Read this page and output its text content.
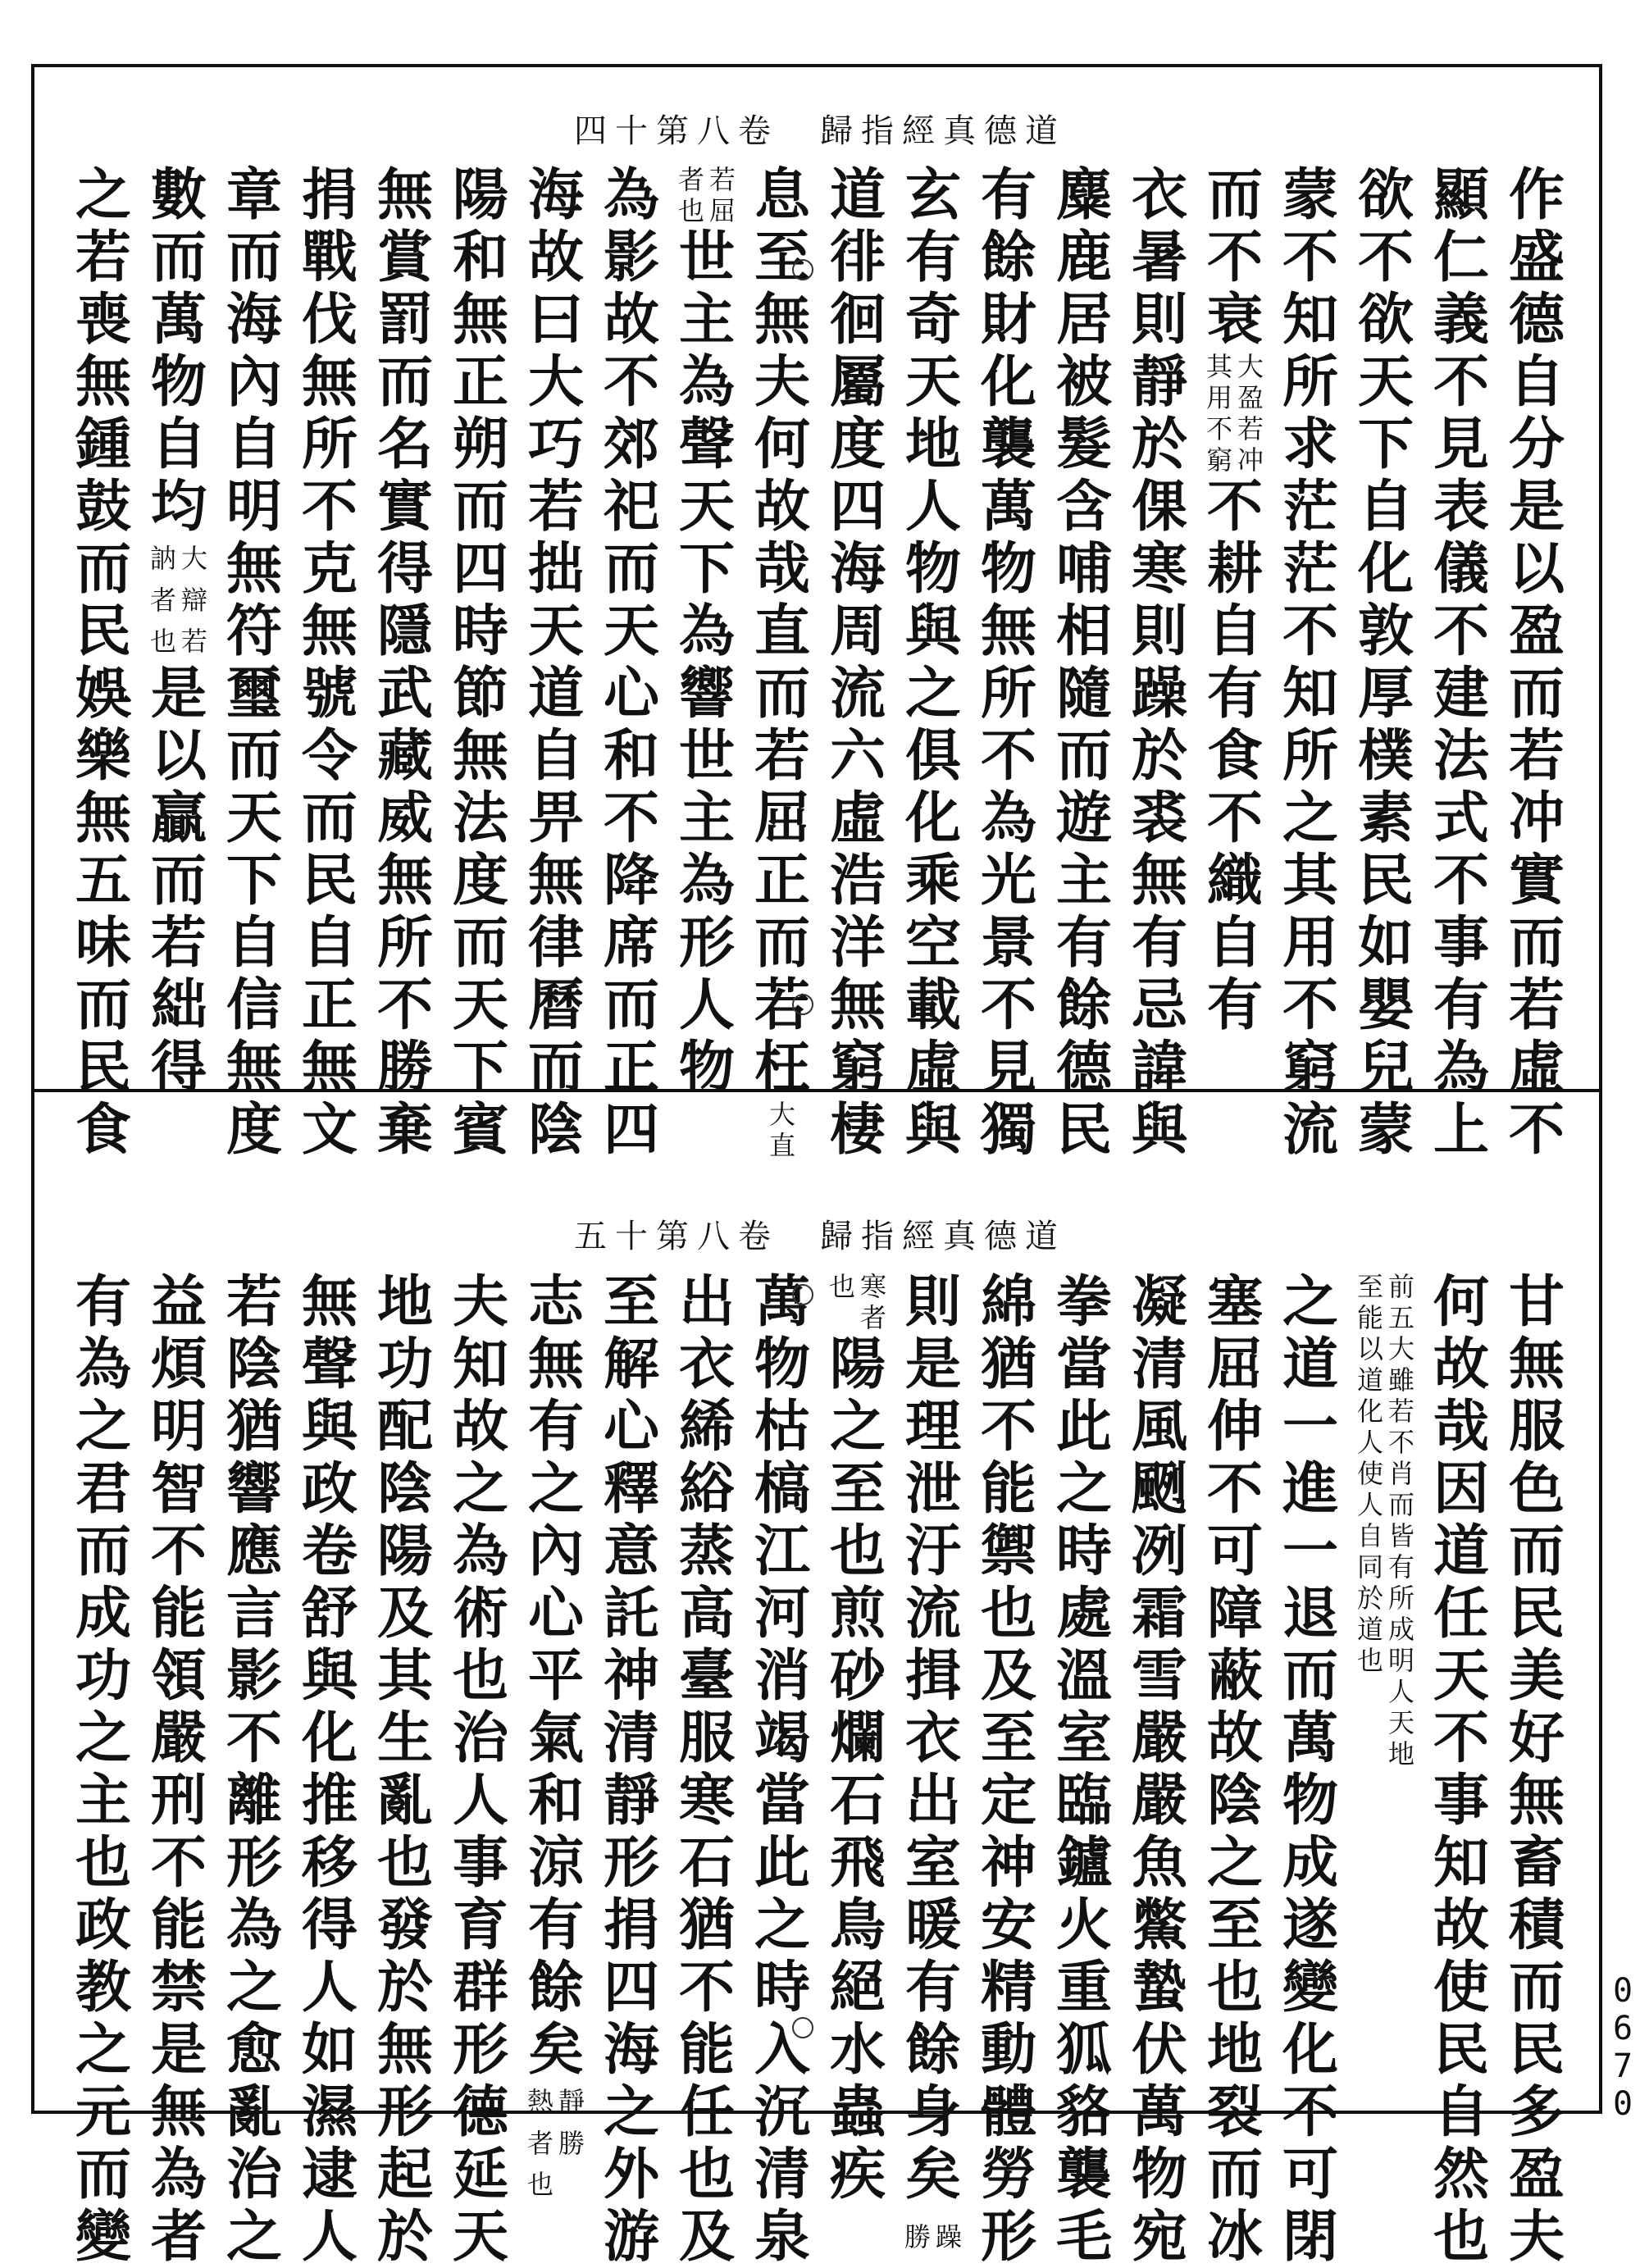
四十第八卷 歸指經真德道
五十第八卷 歸指經真德道
作
盛
德
自
分
是
以
盈
而
若
冲
實
而
若
虛
不
顯
仁
義
不
見
表
儀
不
建
法
式
不
事
有
為
上
欲
不
欲
天
下
自
化
敦
厚
樸
素
民
如
嬰
兒
蒙
蒙
不
知
所
求
茫
茫
不
知
所
之
其
用
不
窮
流
而
不
衰
大
盈
若
冲
其
用
不
窮
不
耕
自
有
食
不
織
自
有
衣
暑
則
靜
於
倮
寒
則
躁
於
裘
無
有
忌
諱
與
麋
鹿
居
被
髮
含
哺
相
隨
而
遊
主
有
餘
德
民
有
餘
財
化
襲
萬
物
無
所
不
為
光
景
不
見
獨
玄
有
奇
天
地
人
物
與
之
俱
化
乘
空
載
虛
與
道
徘
徊
屬
度
四
海
周
流
六
虛
浩
洋
無
窮
棲
息
至
無
夫
何
故
哉
直
而
若
屈
正
而
若
枉
大
直
若
屈
者
也
世
主
為
聲
天
下
為
響
世
主
為
形
人
物
為
影
故
不
郊
祀
而
天
心
和
不
降
席
而
正
四
海
故
曰
大
巧
若
拙
天
道
自
畀
無
律
曆
而
陰
陽
和
無
正
朔
而
四
時
節
無
法
度
而
天
下
賓
無
賞
罰
而
名
實
得
隱
武
藏
威
無
所
不
勝
棄
捐
戰
伐
無
所
不
克
無
號
令
而
民
自
正
無
文
章
而
海
內
自
明
無
符
璽
而
天
下
自
信
無
度
數
而
萬
物
自
均
大
辯
若
訥
者
也
是
以
贏
而
若
絀
得
之
若
喪
無
鍾
鼓
而
民
娛
樂
無
五
味
而
民
食
甘
無
服
色
而
民
美
好
無
畜
積
而
民
多
盈
夫
何
故
哉
因
道
任
天
不
事
知
故
使
民
自
然
也
前
五
大
雖
若
不
肖
而
皆
有
所
成
明
人
天
地
至
能
以
道
化
人
使
人
自
同
於
道
也
之
道
一
進
一
退
而
萬
物
成
遂
變
化
不
可
閉
塞
屈
伸
不
可
障
蔽
故
陰
之
至
也
地
裂
而
冰
凝
清
風
颲
冽
霜
雪
嚴
嚴
魚
鱉
蟄
伏
萬
物
宛
拳
當
此
之
時
處
溫
室
臨
鑪
火
重
狐
貉
襲
毛
綿
猶
不
能
禦
也
及
至
定
神
安
精
動
體
勞
形
則
是
理
泄
汙
流
揖
衣
出
室
暖
有
餘
身
矣
躁
勝
寒
者
也
陽
之
至
也
煎
砂
爛
石
飛
鳥
絕
水
蟲
疾
萬
物
枯
槁
江
河
消
竭
當
此
之
時
入
沉
清
泉
出
衣
絺
綌
蒸
高
臺
服
寒
石
猶
不
能
任
也
及
至
解
心
釋
意
託
神
清
靜
形
捐
四
海
之
外
游
志
無
有
之
內
心
平
氣
和
涼
有
餘
矣
靜
勝
熱
者
也
夫
知
故
之
為
術
也
治
人
事
育
群
形
德
延
天
地
功
配
陰
陽
及
其
生
亂
也
發
於
無
形
起
於
無
聲
與
政
卷
舒
與
化
推
移
得
人
如
濕
逮
人
若
陰
猶
響
應
言
影
不
離
形
為
之
愈
亂
治
之
益
煩
明
智
不
能
領
嚴
刑
不
能
禁
是
無
為
者
有
為
之
君
而
成
功
之
主
也
政
教
之
元
而
變
0
6
7
0
